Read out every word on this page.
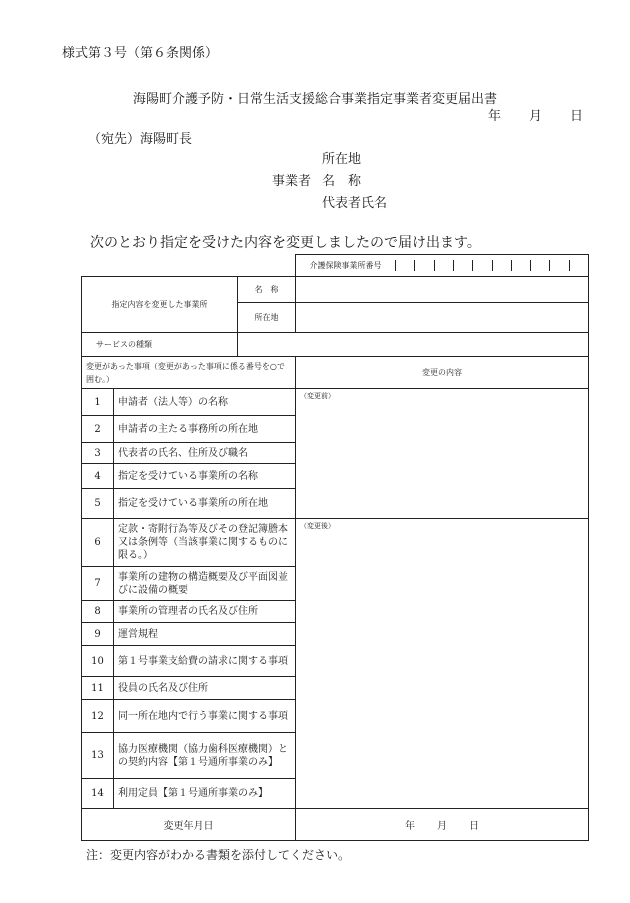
様式第３号（第６条関係）
海陽町介護予防・日常生活支援総合事業指定事業者変更届出書
年 月 日
（宛先）海陽町長
所在地
事業者 名　称
代表者氏名
次のとおり指定を受けた内容を変更しましたので届け出ます。

介護保険事業所番号

指定内容を変更した事業所		名　称	
		所在地	
サービスの種類			
変更があった事項（変更があった事項に係る番号を○で囲む。）			変更の内容
1	申請者（法人等）の名称		（変更前）
2	申請者の主たる事務所の所在地		
3	代表者の氏名、住所及び職名		
4	指定を受けている事業所の名称		
5	指定を受けている事業所の所在地		
6	定款・寄附行為等及びその登記簿謄本又は条例等（当該事業に関するものに限る。）		（変更後）
7	事業所の建物の構造概要及び平面図並びに設備の概要		
8	事業所の管理者の氏名及び住所		
9	運営規程		
10	第１号事業支給費の請求に関する事項		
11	役員の氏名及び住所		
12	同一所在地内で行う事業に関する事項		
13	協力医療機関（協力歯科医療機関）との契約内容【第１号通所事業のみ】		
14	利用定員【第１号通所事業のみ】		
変更年月日			年 月 日
注：変更内容がわかる書類を添付してください。
